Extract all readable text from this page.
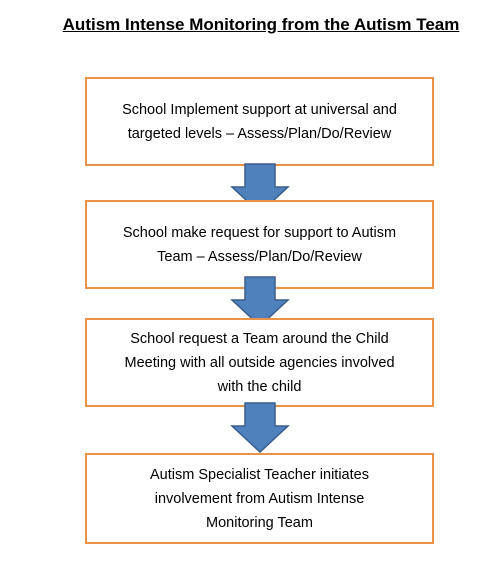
Autism Intense Monitoring from the Autism Team
School Implement support at universal and
targeted levels – Assess/Plan/Do/Review
School make request for support to Autism
Team – Assess/Plan/Do/Review
School request a Team around the Child
Meeting with all outside agencies involved
with the child
Autism Specialist Teacher initiates
involvement from Autism Intense
Monitoring Team
